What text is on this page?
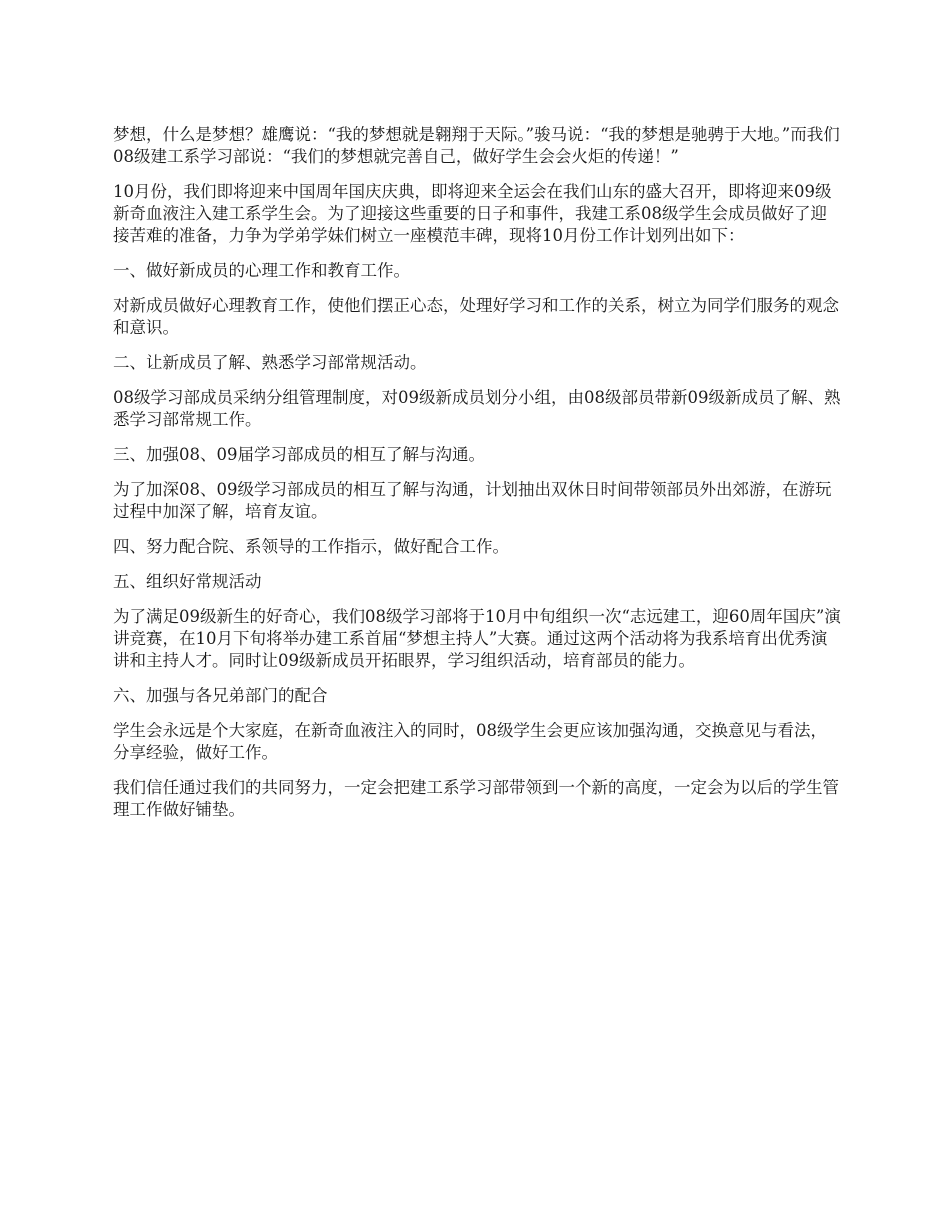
梦想，什么是梦想？雄鹰说：“我的梦想就是翱翔于天际。”骏马说：“我的梦想是驰骋于大地。”而我们08级建工系学习部说：“我们的梦想就完善自己，做好学生会会火炬的传递！”

10月份，我们即将迎来中国周年国庆庆典，即将迎来全运会在我们山东的盛大召开，即将迎来09级新奇血液注入建工系学生会。为了迎接这些重要的日子和事件，我建工系08级学生会成员做好了迎接苦难的准备，力争为学弟学妹们树立一座模范丰碑，现将10月份工作计划列出如下：

一、做好新成员的心理工作和教育工作。

对新成员做好心理教育工作，使他们摆正心态，处理好学习和工作的关系，树立为同学们服务的观念和意识。

二、让新成员了解、熟悉学习部常规活动。

08级学习部成员采纳分组管理制度，对09级新成员划分小组，由08级部员带新09级新成员了解、熟悉学习部常规工作。

三、加强08、09届学习部成员的相互了解与沟通。

为了加深08、09级学习部成员的相互了解与沟通，计划抽出双休日时间带领部员外出郊游，在游玩过程中加深了解，培育友谊。

四、努力配合院、系领导的工作指示，做好配合工作。

五、组织好常规活动

为了满足09级新生的好奇心，我们08级学习部将于10月中旬组织一次“志远建工，迎60周年国庆”演讲竞赛，在10月下旬将举办建工系首届“梦想主持人”大赛。通过这两个活动将为我系培育出优秀演讲和主持人才。同时让09级新成员开拓眼界，学习组织活动，培育部员的能力。

六、加强与各兄弟部门的配合

学生会永远是个大家庭，在新奇血液注入的同时，08级学生会更应该加强沟通，交换意见与看法，分享经验，做好工作。

我们信任通过我们的共同努力，一定会把建工系学习部带领到一个新的高度，一定会为以后的学生管理工作做好铺垫。
